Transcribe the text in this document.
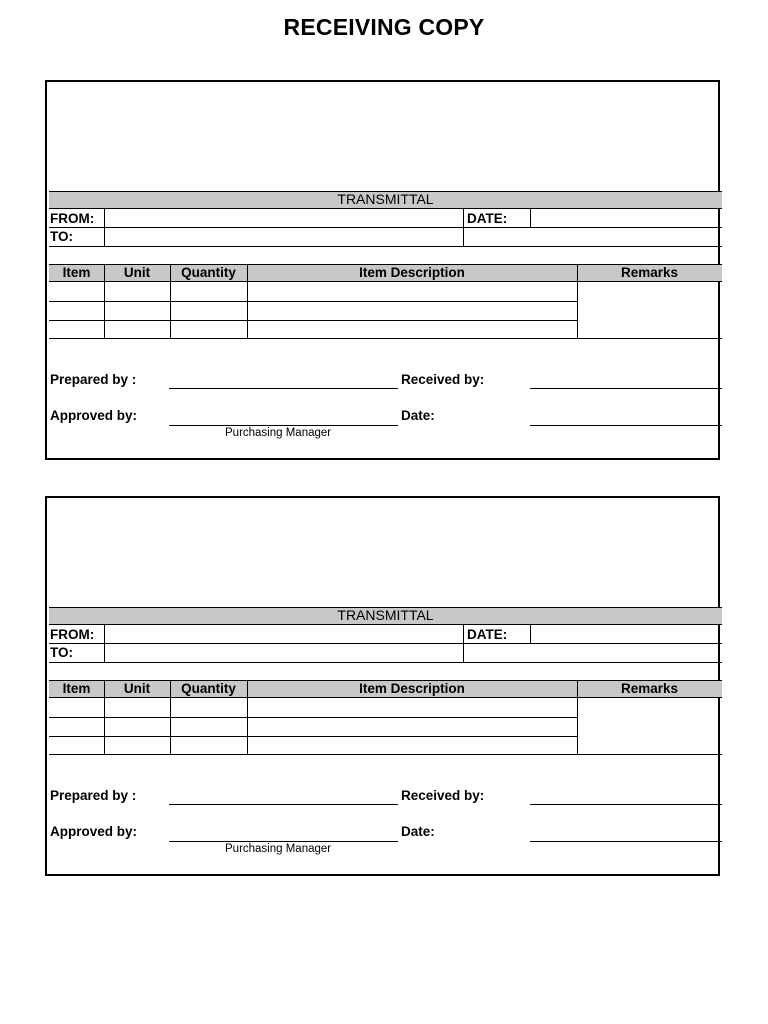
RECEIVING COPY
TRANSMITTAL
FROM:	DATE:
TO:
Item	Unit	Quantity	Item Description	Remarks
Prepared by :	Received by:
Approved by:	Date:
Purchasing Manager
TRANSMITTAL
FROM:	DATE:
TO:
Item	Unit	Quantity	Item Description	Remarks
Prepared by :	Received by:
Approved by:	Date:
Purchasing Manager
